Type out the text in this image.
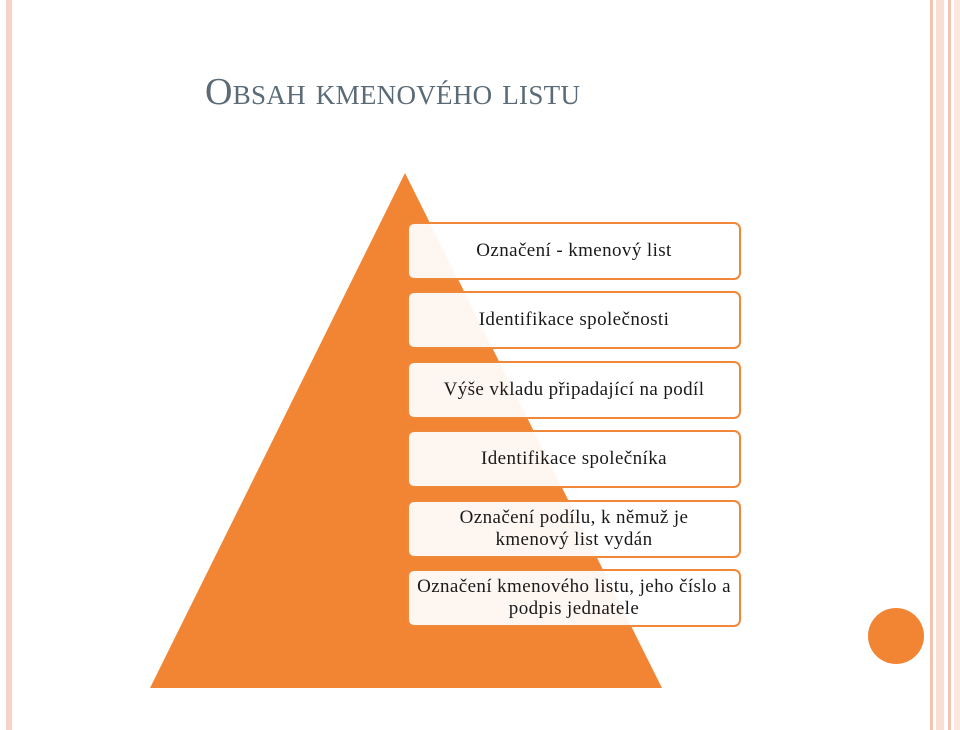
Obsah kmenového listu
Označení - kmenový list
Identifikace společnosti
Výše vkladu připadající na podíl
Identifikace společníka
Označení podílu, k němuž je kmenový list vydán
Označení kmenového listu, jeho číslo a podpis jednatele
